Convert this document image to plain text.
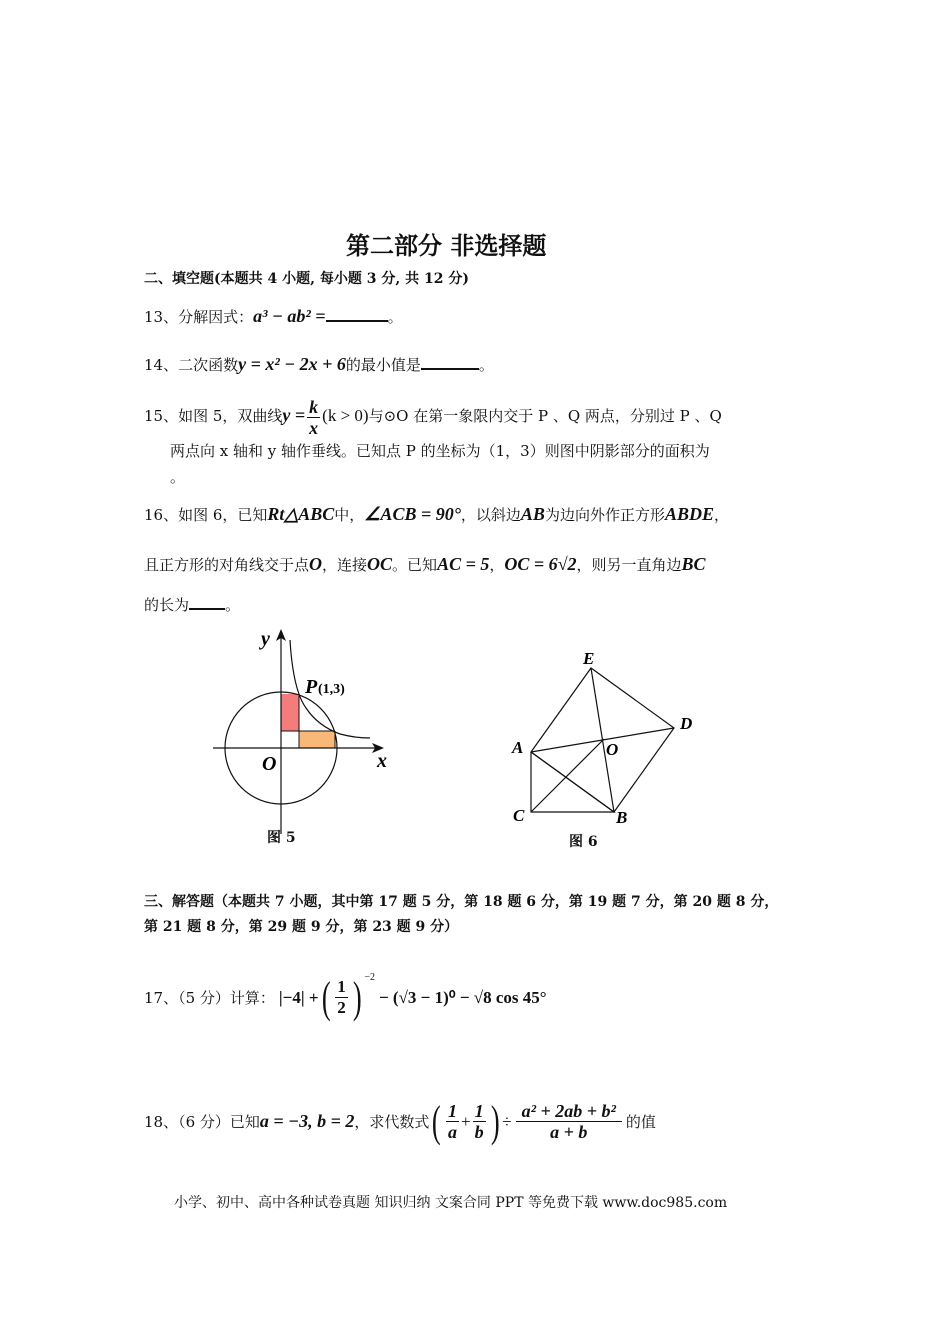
第二部分 非选择题
二、填空题(本题共 4 小题, 每小题 3 分, 共 12 分)
13、分解因式：a³ − ab² =	。
14、二次函数y = x² − 2x + 6的最小值是	。
15、如图 5，双曲线$y = \frac{k}{x} (k > 0)$与⊙O 在第一象限内交于 P 、Q 两点，分别过 P 、Q
两点向 x 轴和 y 轴作垂线。已知点 P 的坐标为（1，3）则图中阴影部分的面积为
。
16、如图 6，已知Rt△ABC中，∠ACB = 90°，以斜边AB为边向外作正方形ABDE，
且正方形的对角线交于点O，连接OC。已知AC = 5，OC = 6√2，则另一直角边BC
的长为 。
y
x
O
P (1,3)
E
D
A	O
C	B
图 5	图 6
三、解答题（本题共 7 小题，其中第 17 题 5 分，第 18 题 6 分，第 19 题 7 分，第 20 题 8 分，
第 21 题 8 分，第 29 题 9 分，第 23 题 9 分）
17、（5 分）计算： |−4| + ( $\frac{1}{2}$ ) $^{-2}$
− (√3 − 1)⁰ − √8 cos 45°
18、（6 分）已知 a = −3, b = 2 ，求代数式 ( $\frac{1}{a} + \frac{1}{b}$ ) ÷ $\frac{\text{a² + 2ab + b²}}{a + b}$ 的值
小学、初中、高中各种试卷真题 知识归纳 文案合同 PPT 等免费下载 www.doc985.com
